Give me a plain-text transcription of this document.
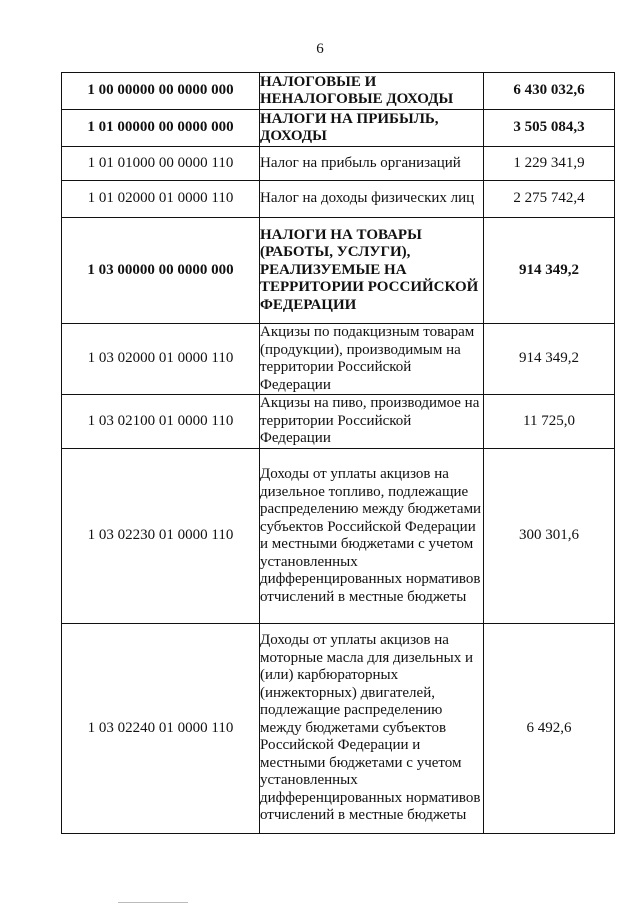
6
1 00 00000 00 0000 000	НАЛОГОВЫЕ И НЕНАЛОГОВЫЕ ДОХОДЫ	6 430 032,6
1 01 00000 00 0000 000	НАЛОГИ НА ПРИБЫЛЬ, ДОХОДЫ	3 505 084,3
1 01 01000 00 0000 110	Налог на прибыль организаций	1 229 341,9
1 01 02000 01 0000 110	Налог на доходы физических лиц	2 275 742,4
1 03 00000 00 0000 000	НАЛОГИ НА ТОВАРЫ (РАБОТЫ, УСЛУГИ), РЕАЛИЗУЕМЫЕ НА ТЕРРИТОРИИ РОССИЙСКОЙ ФЕДЕРАЦИИ	914 349,2
1 03 02000 01 0000 110	Акцизы по подакцизным товарам (продукции), производимым на территории Российской Федерации	914 349,2
1 03 02100 01 0000 110	Акцизы на пиво, производимое на территории Российской Федерации	11 725,0
1 03 02230 01 0000 110	Доходы от уплаты акцизов на дизельное топливо, подлежащие распределению между бюджетами субъектов Российской Федерации и местными бюджетами с учетом установленных дифференцированных нормативов отчислений в местные бюджеты	300 301,6
1 03 02240 01 0000 110	Доходы от уплаты акцизов на моторные масла для дизельных и (или) карбюраторных (инжекторных) двигателей, подлежащие распределению между бюджетами субъектов Российской Федерации и местными бюджетами с учетом установленных дифференцированных нормативов отчислений в местные бюджеты	6 492,6
